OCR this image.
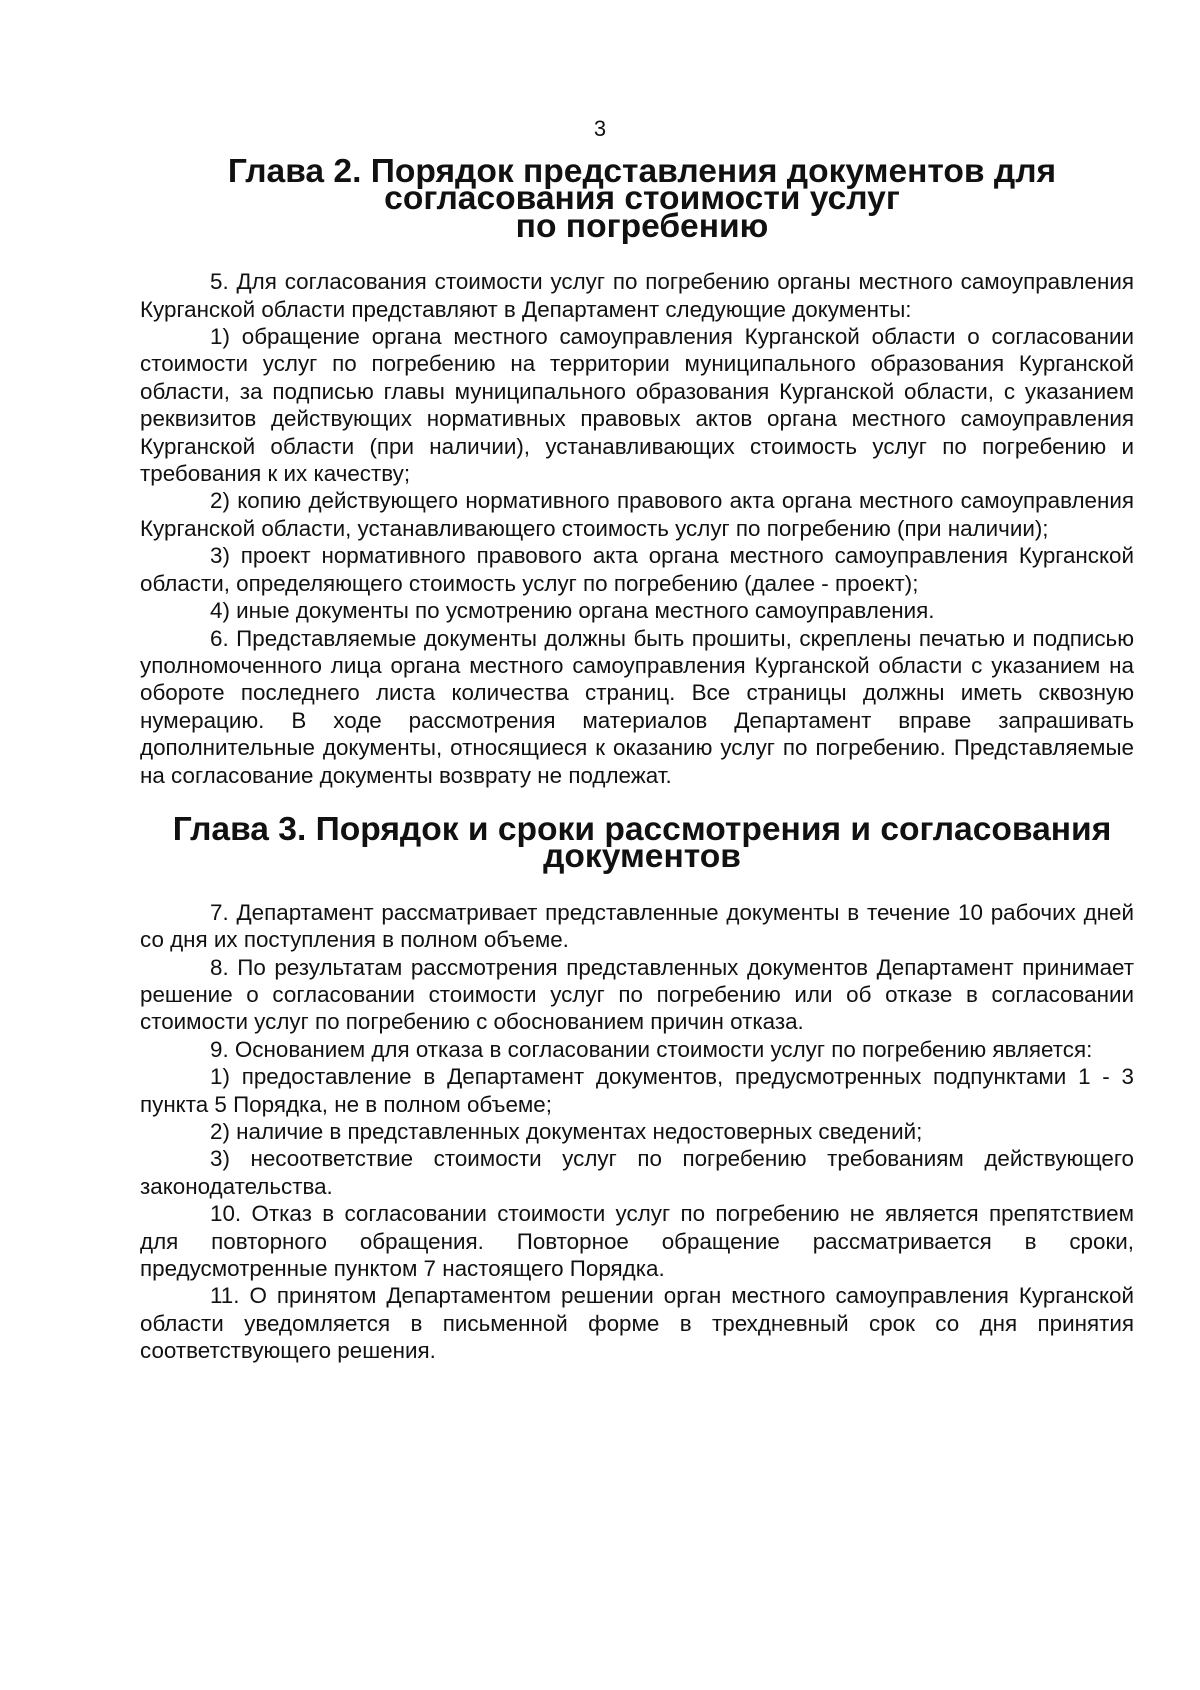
3
Глава 2. Порядок представления документов для согласования стоимости услуг
по погребению

5. Для согласования стоимости услуг по погребению органы местного самоуправления Курганской области представляют в Департамент следующие документы:

1) обращение органа местного самоуправления Курганской области о согласовании стоимости услуг по погребению на территории муниципального образования Курганской области, за подписью главы муниципального образования Курганской области, с указанием реквизитов действующих нормативных правовых актов органа местного самоуправления Курганской области (при наличии), устанавливающих стоимость услуг по погребению и требования к их качеству;

2) копию действующего нормативного правового акта органа местного самоуправления Курганской области, устанавливающего стоимость услуг по погребению (при наличии);

3) проект нормативного правового акта органа местного самоуправления Курганской области, определяющего стоимость услуг по погребению (далее - проект);

4) иные документы по усмотрению органа местного самоуправления.

6. Представляемые документы должны быть прошиты, скреплены печатью и подписью уполномоченного лица органа местного самоуправления Курганской области с указанием на обороте последнего листа количества страниц. Все страницы должны иметь сквозную нумерацию. В ходе рассмотрения материалов Департамент вправе запрашивать дополнительные документы, относящиеся к оказанию услуг по погребению. Представляемые на согласование документы возврату не подлежат.

Глава 3. Порядок и сроки рассмотрения и согласования документов

7. Департамент рассматривает представленные документы в течение 10 рабочих дней со дня их поступления в полном объеме.

8. По результатам рассмотрения представленных документов Департамент принимает решение о согласовании стоимости услуг по погребению или об отказе в согласовании стоимости услуг по погребению с обоснованием причин отказа.

9. Основанием для отказа в согласовании стоимости услуг по погребению является:

1) предоставление в Департамент документов, предусмотренных подпунктами 1 - 3 пункта 5 Порядка, не в полном объеме;

2) наличие в представленных документах недостоверных сведений;

3) несоответствие стоимости услуг по погребению требованиям действующего законодательства.

10. Отказ в согласовании стоимости услуг по погребению не является препятствием для повторного обращения. Повторное обращение рассматривается в сроки, предусмотренные пунктом 7 настоящего Порядка.

11. О принятом Департаментом решении орган местного самоуправления Курганской области уведомляется в письменной форме в трехдневный срок со дня принятия соответствующего решения.
